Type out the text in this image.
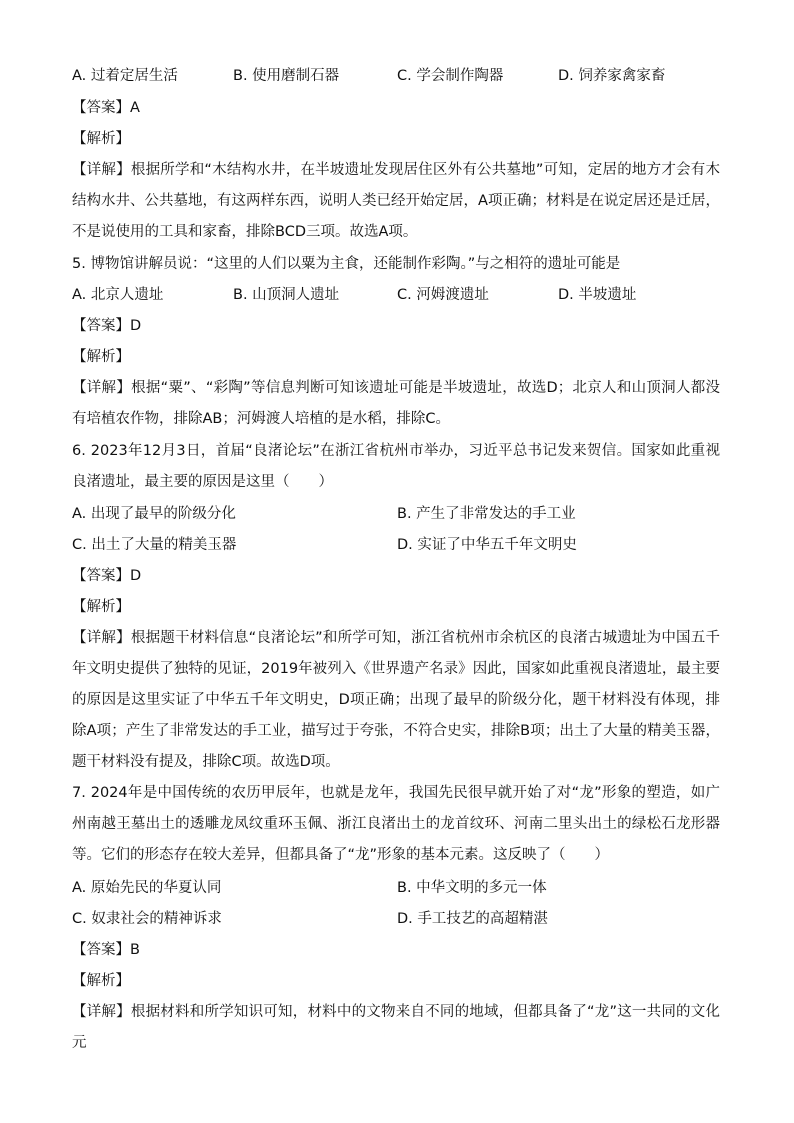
A. 过着定居生活	B. 使用磨制石器	C. 学会制作陶器	D. 饲养家禽家畜
【答案】A
【解析】
【详解】根据所学和“木结构水井，在半坡遗址发现居住区外有公共墓地”可知，定居的地方才会有木结构水井、公共墓地，有这两样东西，说明人类已经开始定居，A项正确；材料是在说定居还是迁居，不是说使用的工具和家畜，排除BCD三项。故选A项。
5. 博物馆讲解员说：“这里的人们以粟为主食，还能制作彩陶。”与之相符的遗址可能是
A. 北京人遗址	B. 山顶洞人遗址	C. 河姆渡遗址	D. 半坡遗址
【答案】D
【解析】
【详解】根据“粟”、“彩陶”等信息判断可知该遗址可能是半坡遗址，故选D；北京人和山顶洞人都没有培植农作物，排除AB；河姆渡人培植的是水稻，排除C。
6. 2023年12月3日，首届“良渚论坛”在浙江省杭州市举办，习近平总书记发来贺信。国家如此重视良渚遗址，最主要的原因是这里（　　）
A. 出现了最早的阶级分化	B. 产生了非常发达的手工业
C. 出土了大量的精美玉器	D. 实证了中华五千年文明史
【答案】D
【解析】
【详解】根据题干材料信息“良渚论坛”和所学可知，浙江省杭州市余杭区的良渚古城遗址为中国五千年文明史提供了独特的见证，2019年被列入《世界遗产名录》因此，国家如此重视良渚遗址，最主要的原因是这里实证了中华五千年文明史，D项正确；出现了最早的阶级分化，题干材料没有体现，排除A项；产生了非常发达的手工业，描写过于夸张，不符合史实，排除B项；出土了大量的精美玉器，题干材料没有提及，排除C项。故选D项。
7. 2024年是中国传统的农历甲辰年，也就是龙年，我国先民很早就开始了对“龙”形象的塑造，如广州南越王墓出土的透雕龙凤纹重环玉佩、浙江良渚出土的龙首纹环、河南二里头出土的绿松石龙形器等。它们的形态存在较大差异，但都具备了“龙”形象的基本元素。这反映了（　　）
A. 原始先民的华夏认同	B. 中华文明的多元一体
C. 奴隶社会的精神诉求	D. 手工技艺的高超精湛
【答案】B
【解析】
【详解】根据材料和所学知识可知，材料中的文物来自不同的地域，但都具备了“龙”这一共同的文化元
